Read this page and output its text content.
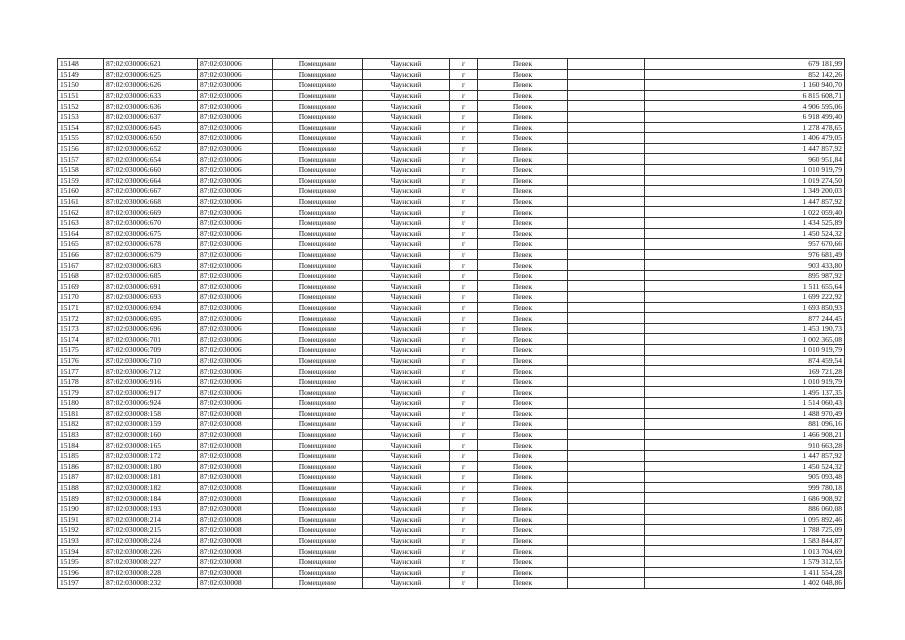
15148	87:02:030006:621	87:02:030006	Помещение	Чаунский	г	Певек		679 181,99
15149	87:02:030006:625	87:02:030006	Помещение	Чаунский	г	Певек		852 142,26
15150	87:02:030006:626	87:02:030006	Помещение	Чаунский	г	Певек		1 160 940,70
15151	87:02:030006:633	87:02:030006	Помещение	Чаунский	г	Певек		6 815 608,71
15152	87:02:030006:636	87:02:030006	Помещение	Чаунский	г	Певек		4 906 595,06
15153	87:02:030006:637	87:02:030006	Помещение	Чаунский	г	Певек		6 918 499,40
15154	87:02:030006:645	87:02:030006	Помещение	Чаунский	г	Певек		1 278 478,65
15155	87:02:030006:650	87:02:030006	Помещение	Чаунский	г	Певек		1 406 479,05
15156	87:02:030006:652	87:02:030006	Помещение	Чаунский	г	Певек		1 447 857,92
15157	87:02:030006:654	87:02:030006	Помещение	Чаунский	г	Певек		960 951,84
15158	87:02:030006:660	87:02:030006	Помещение	Чаунский	г	Певек		1 010 919,79
15159	87:02:030006:664	87:02:030006	Помещение	Чаунский	г	Певек		1 019 274,50
15160	87:02:030006:667	87:02:030006	Помещение	Чаунский	г	Певек		1 349 200,03
15161	87:02:030006:668	87:02:030006	Помещение	Чаунский	г	Певек		1 447 857,92
15162	87:02:030006:669	87:02:030006	Помещение	Чаунский	г	Певек		1 022 059,40
15163	87:02:030006:670	87:02:030006	Помещение	Чаунский	г	Певек		1 434 525,89
15164	87:02:030006:675	87:02:030006	Помещение	Чаунский	г	Певек		1 450 524,32
15165	87:02:030006:678	87:02:030006	Помещение	Чаунский	г	Певек		957 670,66
15166	87:02:030006:679	87:02:030006	Помещение	Чаунский	г	Певек		976 681,49
15167	87:02:030006:683	87:02:030006	Помещение	Чаунский	г	Певек		903 433,80
15168	87:02:030006:685	87:02:030006	Помещение	Чаунский	г	Певек		895 987,92
15169	87:02:030006:691	87:02:030006	Помещение	Чаунский	г	Певек		1 511 655,64
15170	87:02:030006:693	87:02:030006	Помещение	Чаунский	г	Певек		1 699 222,92
15171	87:02:030006:694	87:02:030006	Помещение	Чаунский	г	Певек		1 693 850,93
15172	87:02:030006:695	87:02:030006	Помещение	Чаунский	г	Певек		877 244,45
15173	87:02:030006:696	87:02:030006	Помещение	Чаунский	г	Певек		1 453 190,73
15174	87:02:030006:701	87:02:030006	Помещение	Чаунский	г	Певек		1 002 365,08
15175	87:02:030006:709	87:02:030006	Помещение	Чаунский	г	Певек		1 010 919,79
15176	87:02:030006:710	87:02:030006	Помещение	Чаунский	г	Певек		874 459,54
15177	87:02:030006:712	87:02:030006	Помещение	Чаунский	г	Певек		169 721,28
15178	87:02:030006:916	87:02:030006	Помещение	Чаунский	г	Певек		1 010 919,79
15179	87:02:030006:917	87:02:030006	Помещение	Чаунский	г	Певек		1 495 137,35
15180	87:02:030006:924	87:02:030006	Помещение	Чаунский	г	Певек		1 514 060,43
15181	87:02:030008:158	87:02:030008	Помещение	Чаунский	г	Певек		1 488 970,49
15182	87:02:030008:159	87:02:030008	Помещение	Чаунский	г	Певек		881 096,16
15183	87:02:030008:160	87:02:030008	Помещение	Чаунский	г	Певек		1 466 908,21
15184	87:02:030008:165	87:02:030008	Помещение	Чаунский	г	Певек		910 663,28
15185	87:02:030008:172	87:02:030008	Помещение	Чаунский	г	Певек		1 447 857,92
15186	87:02:030008:180	87:02:030008	Помещение	Чаунский	г	Певек		1 450 524,32
15187	87:02:030008:181	87:02:030008	Помещение	Чаунский	г	Певек		905 093,48
15188	87:02:030008:182	87:02:030008	Помещение	Чаунский	г	Певек		999 780,18
15189	87:02:030008:184	87:02:030008	Помещение	Чаунский	г	Певек		1 686 908,92
15190	87:02:030008:193	87:02:030008	Помещение	Чаунский	г	Певек		886 060,08
15191	87:02:030008:214	87:02:030008	Помещение	Чаунский	г	Певек		1 095 892,46
15192	87:02:030008:215	87:02:030008	Помещение	Чаунский	г	Певек		1 788 725,09
15193	87:02:030008:224	87:02:030008	Помещение	Чаунский	г	Певек		1 583 844,87
15194	87:02:030008:226	87:02:030008	Помещение	Чаунский	г	Певек		1 013 704,69
15195	87:02:030008:227	87:02:030008	Помещение	Чаунский	г	Певек		1 579 312,55
15196	87:02:030008:228	87:02:030008	Помещение	Чаунский	г	Певек		1 411 554,28
15197	87:02:030008:232	87:02:030008	Помещение	Чаунский	г	Певек		1 402 048,86
